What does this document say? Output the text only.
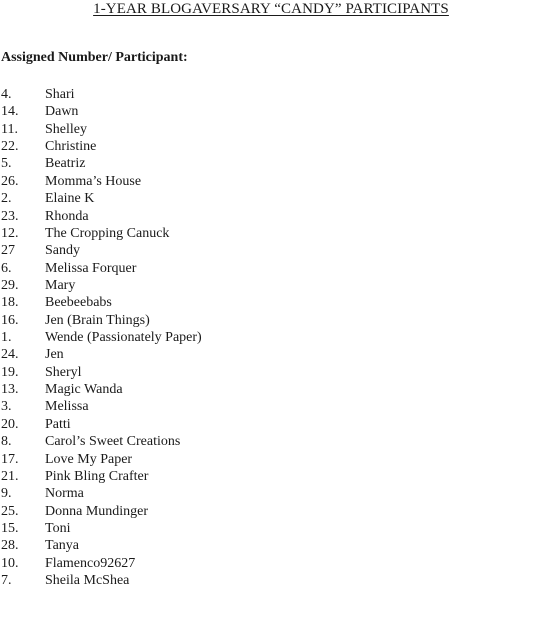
1-YEAR BLOGAVERSARY “CANDY” PARTICIPANTS
Assigned Number/ Participant:
4.	Shari
14.	Dawn
11.	Shelley
22.	Christine
5.	Beatriz
26.	Momma’s House
2.	Elaine K
23.	Rhonda
12.	The Cropping Canuck
27	Sandy
6.	Melissa Forquer
29.	Mary
18.	Beebeebabs
16.	Jen (Brain Things)
1.	Wende (Passionately Paper)
24.	Jen
19.	Sheryl
13.	Magic Wanda
3.	Melissa
20.	Patti
8.	Carol’s Sweet Creations
17.	Love My Paper
21.	Pink Bling Crafter
9.	Norma
25.	Donna Mundinger
15.	Toni
28.	Tanya
10.	Flamenco92627
7.	Sheila McShea
